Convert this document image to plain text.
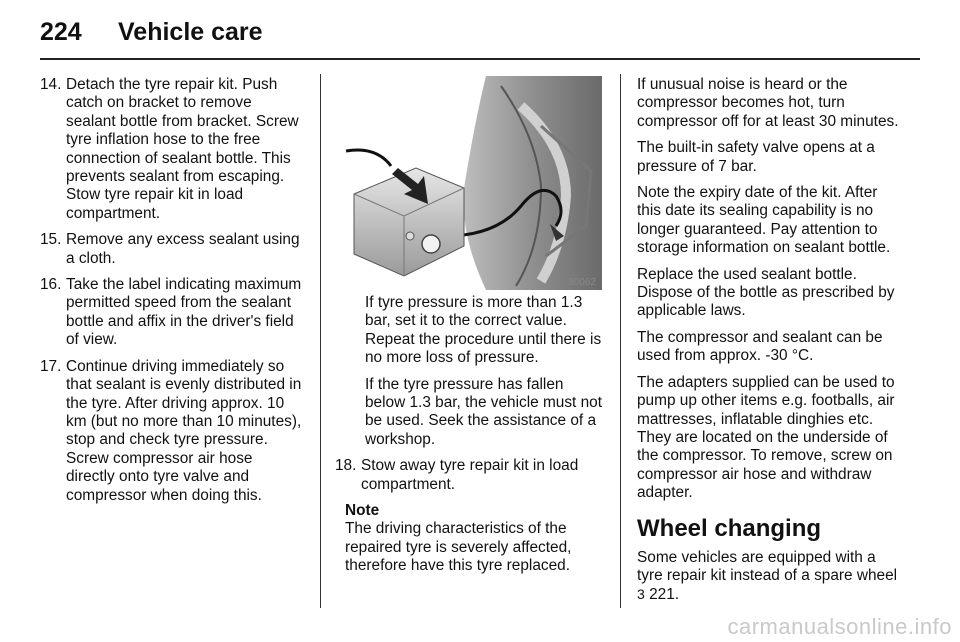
224 Vehicle care
14. Detach the tyre repair kit. Push catch on bracket to remove sealant bottle from bracket. Screw tyre inflation hose to the free connection of sealant bottle. This prevents sealant from escaping. Stow tyre repair kit in load compartment.
15. Remove any excess sealant using a cloth.
16. Take the label indicating maximum permitted speed from the sealant bottle and affix in the driver's field of view.
17. Continue driving immediately so that sealant is evenly distributed in the tyre. After driving approx. 10 km (but no more than 10 minutes), stop and check tyre pressure. Screw compressor air hose directly onto tyre valve and compressor when doing this.
30062

If tyre pressure is more than 1.3 bar, set it to the correct value. Repeat the procedure until there is no more loss of pressure.

If the tyre pressure has fallen below 1.3 bar, the vehicle must not be used. Seek the assistance of a workshop.

18. Stow away tyre repair kit in load compartment.
Note

The driving characteristics of the repaired tyre is severely affected, therefore have this tyre replaced.

If unusual noise is heard or the compressor becomes hot, turn compressor off for at least 30 minutes.

The built-in safety valve opens at a pressure of 7 bar.

Note the expiry date of the kit. After this date its sealing capability is no longer guaranteed. Pay attention to storage information on sealant bottle.

Replace the used sealant bottle. Dispose of the bottle as prescribed by applicable laws.

The compressor and sealant can be used from approx. -30 °C.

The adapters supplied can be used to pump up other items e.g. footballs, air mattresses, inflatable dinghies etc. They are located on the underside of the compressor. To remove, screw on compressor air hose and withdraw adapter.

Wheel changing

Some vehicles are equipped with a tyre repair kit instead of a spare wheel
3 221.

carmanualsonline.info
